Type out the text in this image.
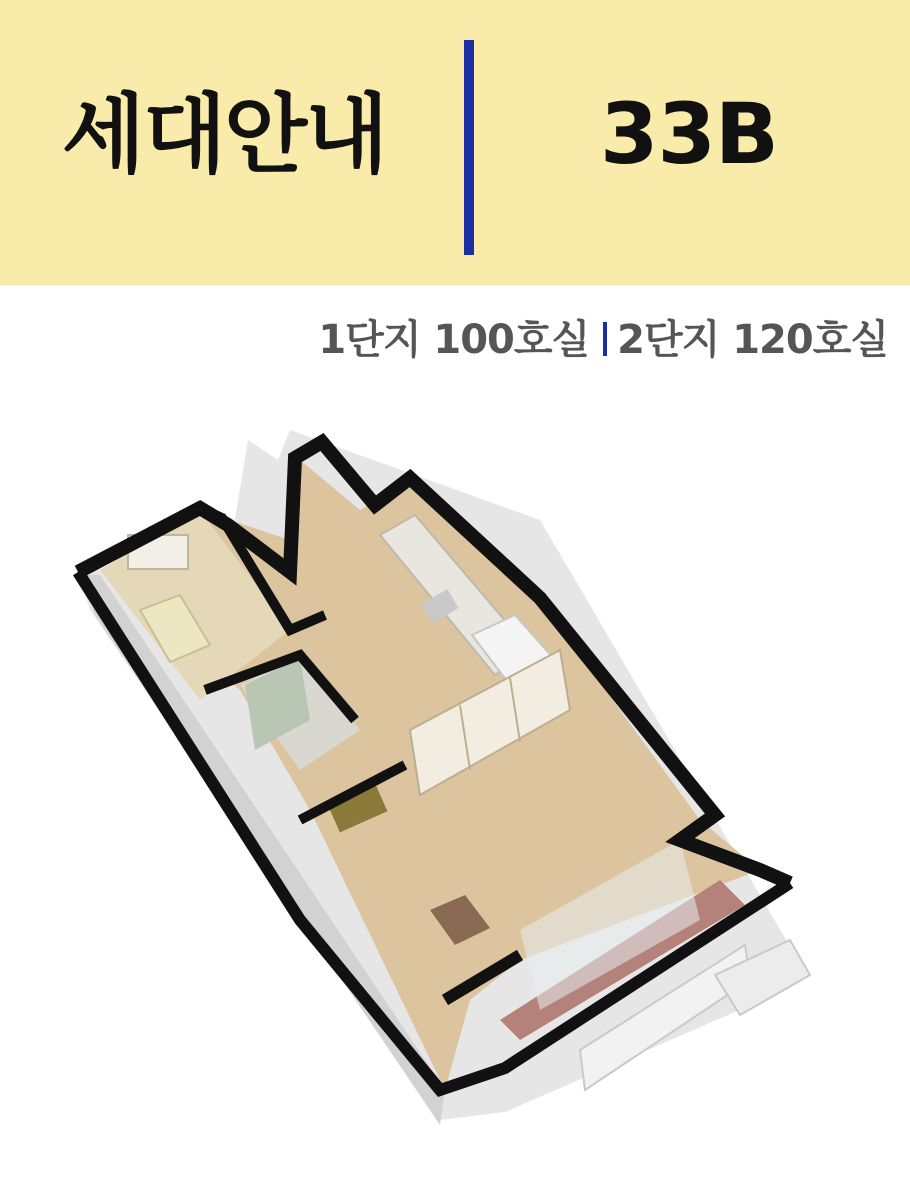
세대안내	33B
1단지 100호실 2단지 120호실
